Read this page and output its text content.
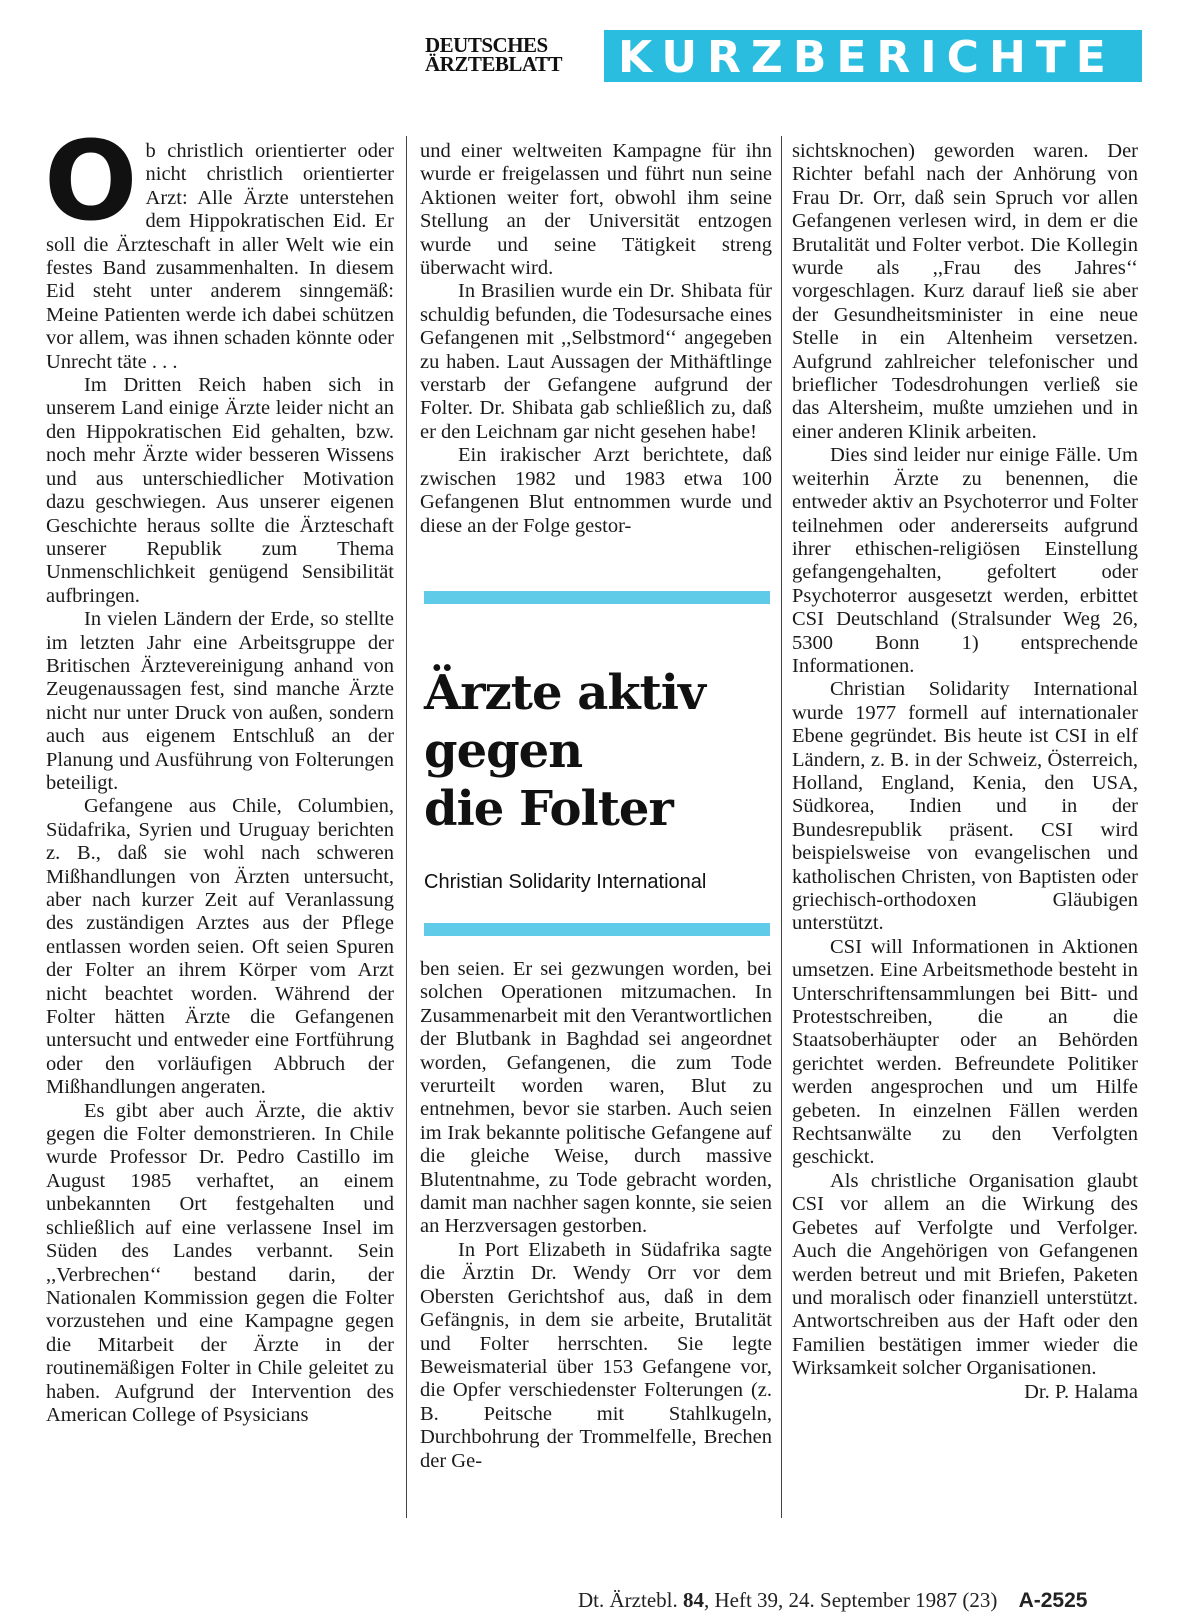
DEUTSCHES
ÄRZTEBLATT	KURZBERICHTE

Ob christlich orientierter oder nicht christlich orientierter Arzt: Alle Ärzte unterstehen dem Hippokratischen Eid. Er soll die Ärzteschaft in aller Welt wie ein festes Band zusammenhalten. In diesem Eid steht unter anderem sinngemäß: Meine Patienten werde ich dabei schützen vor allem, was ihnen schaden könnte oder Unrecht täte . . .

Im Dritten Reich haben sich in unserem Land einige Ärzte leider nicht an den Hippokratischen Eid gehalten, bzw. noch mehr Ärzte wider besseren Wissens und aus unterschiedlicher Motivation dazu geschwiegen. Aus unserer eigenen Geschichte heraus sollte die Ärzteschaft unserer Republik zum Thema Unmenschlichkeit genügend Sensibilität aufbringen.

In vielen Ländern der Erde, so stellte im letzten Jahr eine Arbeitsgruppe der Britischen Ärztevereinigung anhand von Zeugenaussagen fest, sind manche Ärzte nicht nur unter Druck von außen, sondern auch aus eigenem Entschluß an der Planung und Ausführung von Folterungen beteiligt.

Gefangene aus Chile, Columbien, Südafrika, Syrien und Uruguay berichten z. B., daß sie wohl nach schweren Mißhandlungen von Ärzten untersucht, aber nach kurzer Zeit auf Veranlassung des zuständigen Arztes aus der Pflege entlassen worden seien. Oft seien Spuren der Folter an ihrem Körper vom Arzt nicht beachtet worden. Während der Folter hätten Ärzte die Gefangenen untersucht und entweder eine Fortführung oder den vorläufigen Abbruch der Mißhandlungen angeraten.

Es gibt aber auch Ärzte, die aktiv gegen die Folter demonstrieren. In Chile wurde Professor Dr. Pedro Castillo im August 1985 verhaftet, an einem unbekannten Ort festgehalten und schließlich auf eine verlassene Insel im Süden des Landes verbannt. Sein ,,Verbrechen‘‘ bestand darin, der Nationalen Kommission gegen die Folter vorzustehen und eine Kampagne gegen die Mitarbeit der Ärzte in der routinemäßigen Folter in Chile geleitet zu haben. Aufgrund der Intervention des American College of Psysicians

und einer weltweiten Kampagne für ihn wurde er freigelassen und führt nun seine Aktionen weiter fort, obwohl ihm seine Stellung an der Universität entzogen wurde und seine Tätigkeit streng überwacht wird.

In Brasilien wurde ein Dr. Shibata für schuldig befunden, die Todesursache eines Gefangenen mit ,,Selbstmord‘‘ angegeben zu haben. Laut Aussagen der Mithäftlinge verstarb der Gefangene aufgrund der Folter. Dr. Shibata gab schließlich zu, daß er den Leichnam gar nicht gesehen habe!

Ein irakischer Arzt berichtete, daß zwischen 1982 und 1983 etwa 100 Gefangenen Blut entnommen wurde und diese an der Folge gestor-

Ärzte aktiv
gegen
die Folter
Christian Solidarity International

ben seien. Er sei gezwungen worden, bei solchen Operationen mitzumachen. In Zusammenarbeit mit den Verantwortlichen der Blutbank in Baghdad sei angeordnet worden, Gefangenen, die zum Tode verurteilt worden waren, Blut zu entnehmen, bevor sie starben. Auch seien im Irak bekannte politische Gefangene auf die gleiche Weise, durch massive Blutentnahme, zu Tode gebracht worden, damit man nachher sagen konnte, sie seien an Herzversagen gestorben.

In Port Elizabeth in Südafrika sagte die Ärztin Dr. Wendy Orr vor dem Obersten Gerichtshof aus, daß in dem Gefängnis, in dem sie arbeite, Brutalität und Folter herrschten. Sie legte Beweismaterial über 153 Gefangene vor, die Opfer verschiedenster Folterungen (z. B. Peitsche mit Stahlkugeln, Durchbohrung der Trommelfelle, Brechen der Ge-

sichtsknochen) geworden waren. Der Richter befahl nach der Anhörung von Frau Dr. Orr, daß sein Spruch vor allen Gefangenen verlesen wird, in dem er die Brutalität und Folter verbot. Die Kollegin wurde als ,,Frau des Jahres‘‘ vorgeschlagen. Kurz darauf ließ sie aber der Gesundheitsminister in eine neue Stelle in ein Altenheim versetzen. Aufgrund zahlreicher telefonischer und brieflicher Todesdrohungen verließ sie das Altersheim, mußte umziehen und in einer anderen Klinik arbeiten.

Dies sind leider nur einige Fälle. Um weiterhin Ärzte zu benennen, die entweder aktiv an Psychoterror und Folter teilnehmen oder andererseits aufgrund ihrer ethischen-religiösen Einstellung gefangengehalten, gefoltert oder Psychoterror ausgesetzt werden, erbittet CSI Deutschland (Stralsunder Weg 26, 5300 Bonn 1) entsprechende Informationen.

Christian Solidarity International wurde 1977 formell auf internationaler Ebene gegründet. Bis heute ist CSI in elf Ländern, z. B. in der Schweiz, Österreich, Holland, England, Kenia, den USA, Südkorea, Indien und in der Bundesrepublik präsent. CSI wird beispielsweise von evangelischen und katholischen Christen, von Baptisten oder griechisch-orthodoxen Gläubigen unterstützt.

CSI will Informationen in Aktionen umsetzen. Eine Arbeitsmethode besteht in Unterschriftensammlungen bei Bitt- und Protestschreiben, die an die Staatsoberhäupter oder an Behörden gerichtet werden. Befreundete Politiker werden angesprochen und um Hilfe gebeten. In einzelnen Fällen werden Rechtsanwälte zu den Verfolgten geschickt.

Als christliche Organisation glaubt CSI vor allem an die Wirkung des Gebetes auf Verfolgte und Verfolger. Auch die Angehörigen von Gefangenen werden betreut und mit Briefen, Paketen und moralisch oder finanziell unterstützt. Antwortschreiben aus der Haft oder den Familien bestätigen immer wieder die Wirksamkeit solcher Organisationen.
Dr. P. Halama

Dt. Ärztebl. 84, Heft 39, 24. September 1987 (23) A-2525
